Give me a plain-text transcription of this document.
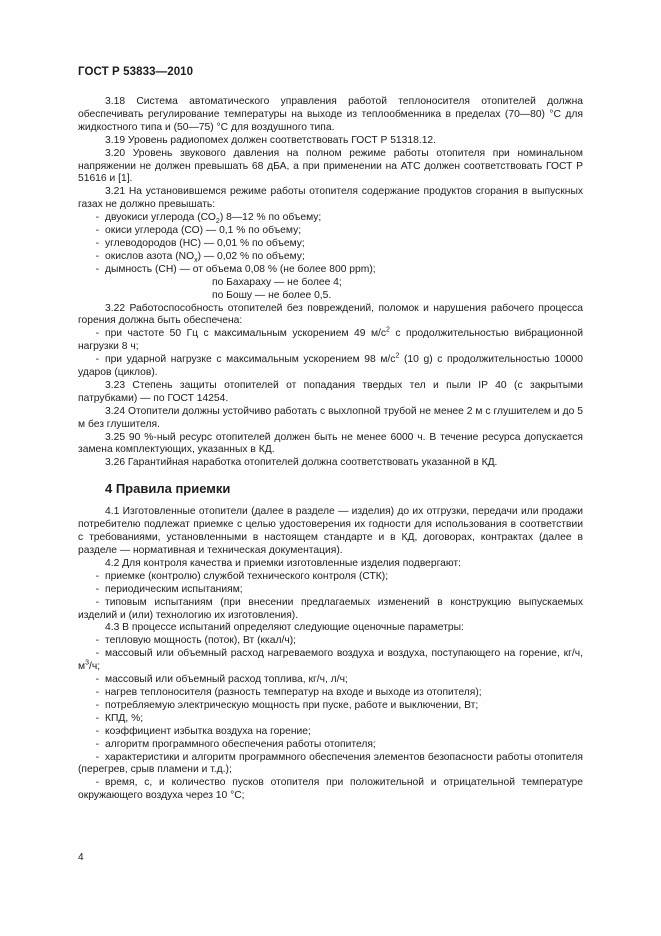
ГОСТ Р 53833—2010

3.18 Система автоматического управления работой теплоносителя отопителей должна обеспечивать регулирование температуры на выходе из теплообменника в пределах (70—80) °С для жидкостного типа и (50—75) °С для воздушного типа.

3.19 Уровень радиопомех должен соответствовать ГОСТ Р 51318.12.

3.20 Уровень звукового давления на полном режиме работы отопителя при номинальном напряжении не должен превышать 68 дБА, а при применении на АТС должен соответствовать ГОСТ Р 51616 и [1].

3.21 На установившемся режиме работы отопителя содержание продуктов сгорания в выпускных газах не должно превышать:

- двуокиси углерода $(СО_2)$ 8—12 % по объему;

- окиси углерода (СО) — 0,1 % по объему;

- углеводородов (НС) — 0,01 % по объему;

- окислов азота $(NO_х)$ — 0,02 % по объему;

- дымность (СН) — от объема 0,08 % (не более 800 ppm);

по Бахараху — не более 4;

по Бошу — не более 0,5.

3.22 Работоспособность отопителей без повреждений, поломок и нарушения рабочего процесса горения должна быть обеспечена:

- при частоте 50 Гц с максимальным ускорением 49 $м/с^2$ с продолжительностью вибрационной нагрузки 8 ч;

- при ударной нагрузке с максимальным ускорением 98 $м/с^2$ (10 g) с продолжительностью 10000 ударов (циклов).

3.23 Степень защиты отопителей от попадания твердых тел и пыли IP 40 (с закрытыми патрубками) — по ГОСТ 14254.

3.24 Отопители должны устойчиво работать с выхлопной трубой не менее 2 м с глушителем и до 5 м без глушителя.

3.25 90 %-ный ресурс отопителей должен быть не менее 6000 ч. В течение ресурса допускается замена комплектующих, указанных в КД.

3.26 Гарантийная наработка отопителей должна соответствовать указанной в КД.

4 Правила приемки

4.1 Изготовленные отопители (далее в разделе — изделия) до их отгрузки, передачи или продажи потребителю подлежат приемке с целью удостоверения их годности для использования в соответствии с требованиями, установленными в настоящем стандарте и в КД, договорах, контрактах (далее в разделе — нормативная и техническая документация).

4.2 Для контроля качества и приемки изготовленные изделия подвергают:

- приемке (контролю) службой технического контроля (СТК);

- периодическим испытаниям;

- типовым испытаниям (при внесении предлагаемых изменений в конструкцию выпускаемых изделий и (или) технологию их изготовления).

4.3 В процессе испытаний определяют следующие оценочные параметры:

- тепловую мощность (поток), Вт (ккал/ч);

- массовый или объемный расход нагреваемого воздуха и воздуха, поступающего на горение, кг/ч, $м^3/ч$;

- массовый или объемный расход топлива, кг/ч, л/ч;

- нагрев теплоносителя (разность температур на входе и выходе из отопителя);

- потребляемую электрическую мощность при пуске, работе и выключении, Вт;

- КПД, %;

- коэффициент избытка воздуха на горение;

- алгоритм программного обеспечения работы отопителя;

- характеристики и алгоритм программного обеспечения элементов безопасности работы отопителя (перегрев, срыв пламени и т.д.);

- время, с, и количество пусков отопителя при положительной и отрицательной температуре окружающего воздуха через 10 °С;

4
